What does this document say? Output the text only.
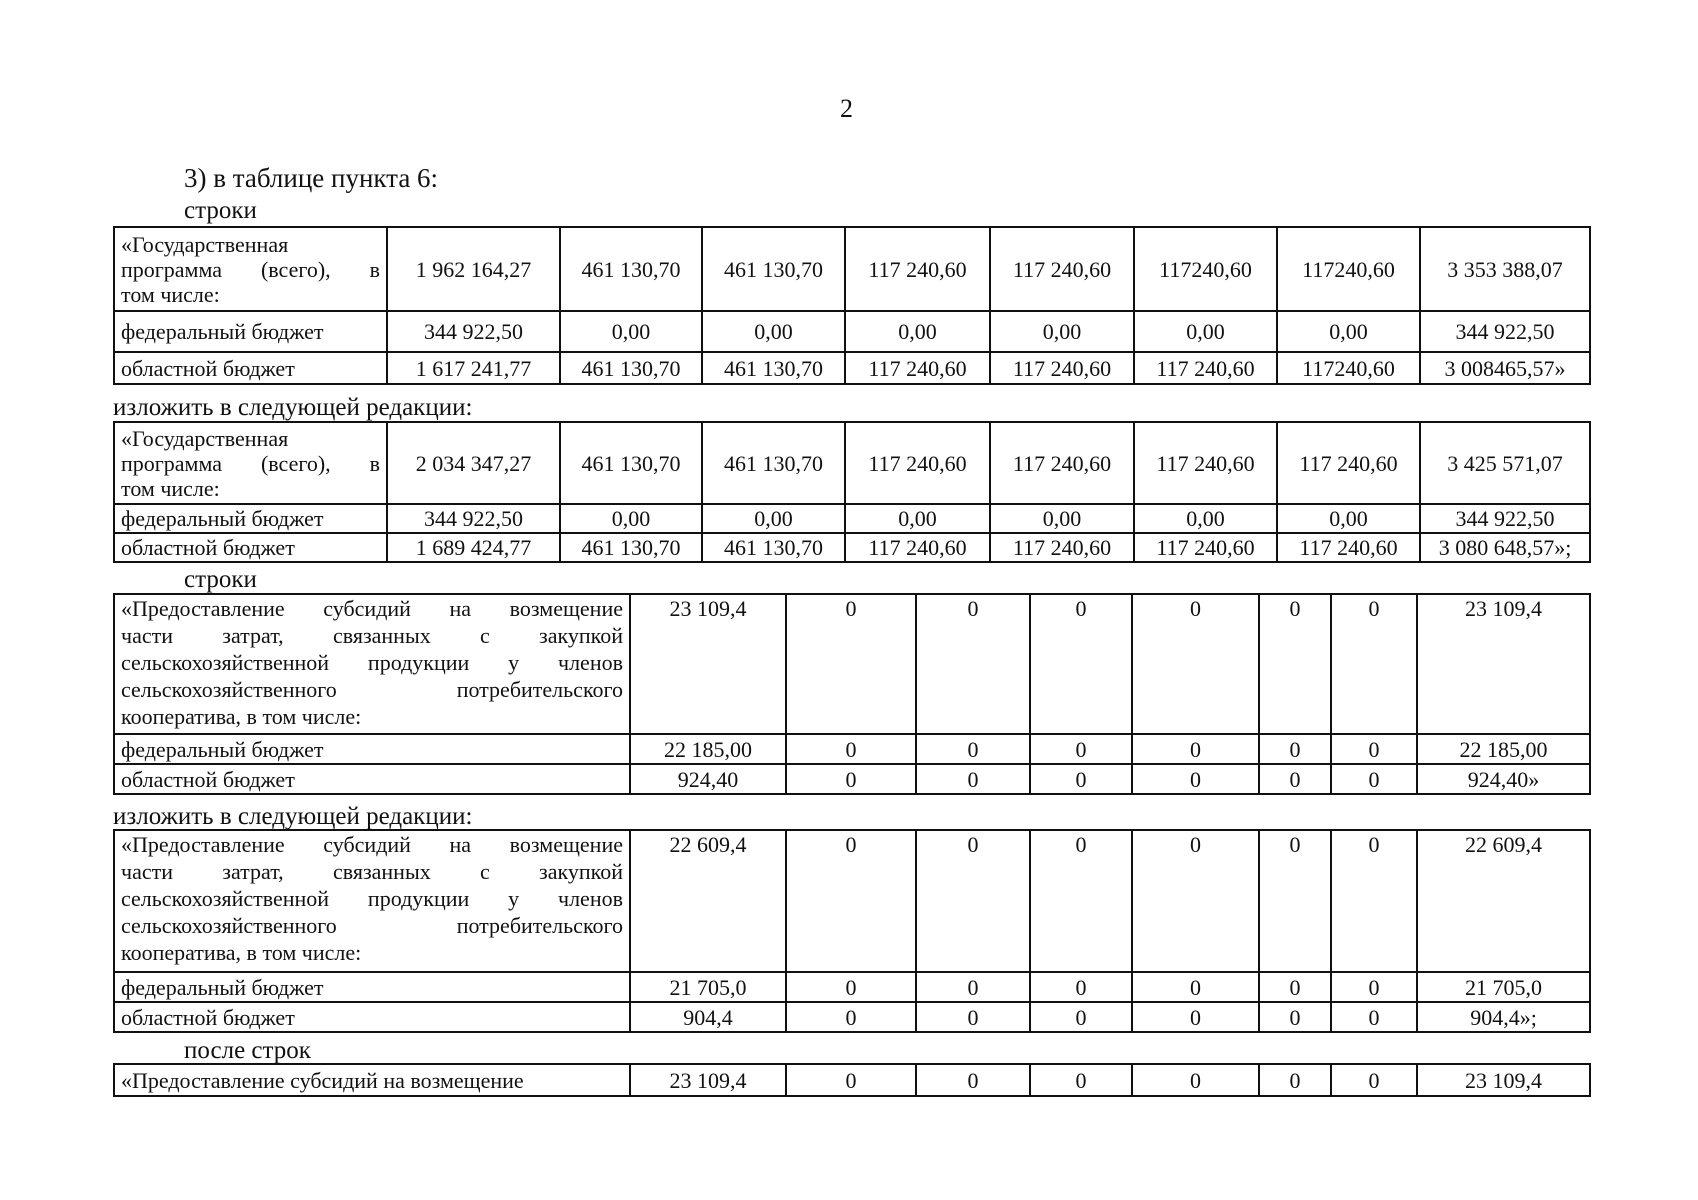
2
3) в таблице пункта 6:
строки
изложить в следующей редакции:
строки
изложить в следующей редакции:
после строк
«Государственная
программа (всего), в
том числе:	1 962 164,27	461 130,70	461 130,70	117 240,60	117 240,60	117240,60	117240,60	3 353 388,07
федеральный бюджет	344 922,50	0,00	0,00	0,00	0,00	0,00	0,00	344 922,50
областной бюджет	1 617 241,77	461 130,70	461 130,70	117 240,60	117 240,60	117 240,60	117240,60	3 008465,57»
«Государственная
программа (всего), в
том числе:	2 034 347,27	461 130,70	461 130,70	117 240,60	117 240,60	117 240,60	117 240,60	3 425 571,07
федеральный бюджет	344 922,50	0,00	0,00	0,00	0,00	0,00	0,00	344 922,50
областной бюджет	1 689 424,77	461 130,70	461 130,70	117 240,60	117 240,60	117 240,60	117 240,60	3 080 648,57»;
«Предоставление субсидий на возмещение
части затрат, связанных с закупкой
сельскохозяйственной продукции у членов
сельскохозяйственного потребительского
кооператива, в том числе:	23 109,4	0	0	0	0	0	0	23 109,4
федеральный бюджет	22 185,00	0	0	0	0	0	0	22 185,00
областной бюджет	924,40	0	0	0	0	0	0	924,40»
«Предоставление субсидий на возмещение
части затрат, связанных с закупкой
сельскохозяйственной продукции у членов
сельскохозяйственного потребительского
кооператива, в том числе:	22 609,4	0	0	0	0	0	0	22 609,4
федеральный бюджет	21 705,0	0	0	0	0	0	0	21 705,0
областной бюджет	904,4	0	0	0	0	0	0	904,4»;
«Предоставление субсидий на возмещение	23 109,4	0	0	0	0	0	0	23 109,4
